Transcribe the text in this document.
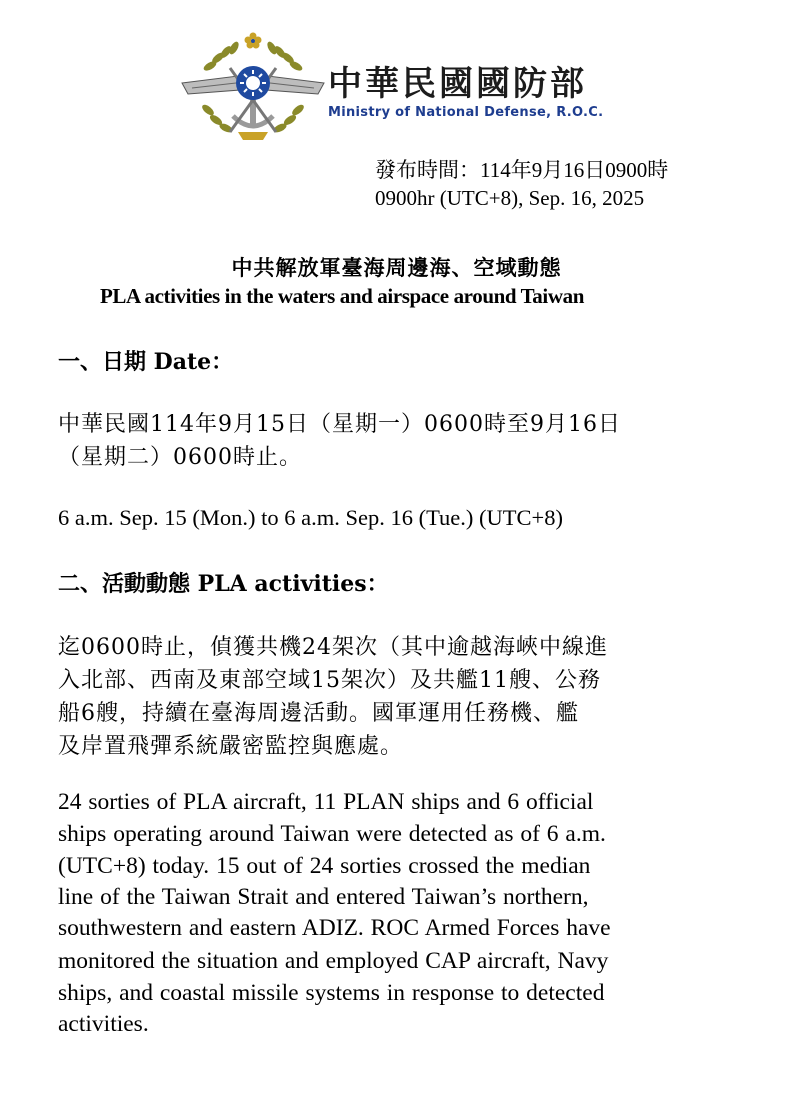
中華民國國防部
Ministry of National Defense, R.O.C.
發布時間：114年9月16日0900時
0900hr (UTC+8), Sep. 16, 2025
中共解放軍臺海周邊海、空域動態
PLA activities in the waters and airspace around Taiwan
一、日期 Date：
中華民國114年9月15日（星期一）0600時至9月16日
（星期二）0600時止。
6 a.m. Sep. 15 (Mon.) to 6 a.m. Sep. 16 (Tue.) (UTC+8)
二、活動動態 PLA activities：
迄0600時止，偵獲共機24架次（其中逾越海峽中線進
入北部、西南及東部空域15架次）及共艦11艘、公務
船6艘，持續在臺海周邊活動。國軍運用任務機、艦
及岸置飛彈系統嚴密監控與應處。
24 sorties of PLA aircraft, 11 PLAN ships and 6 official
ships operating around Taiwan were detected as of 6 a.m.
(UTC+8) today. 15 out of 24 sorties crossed the median
line of the Taiwan Strait and entered Taiwan’s northern,
southwestern and eastern ADIZ. ROC Armed Forces have
monitored the situation and employed CAP aircraft, Navy
ships, and coastal missile systems in response to detected
activities.
